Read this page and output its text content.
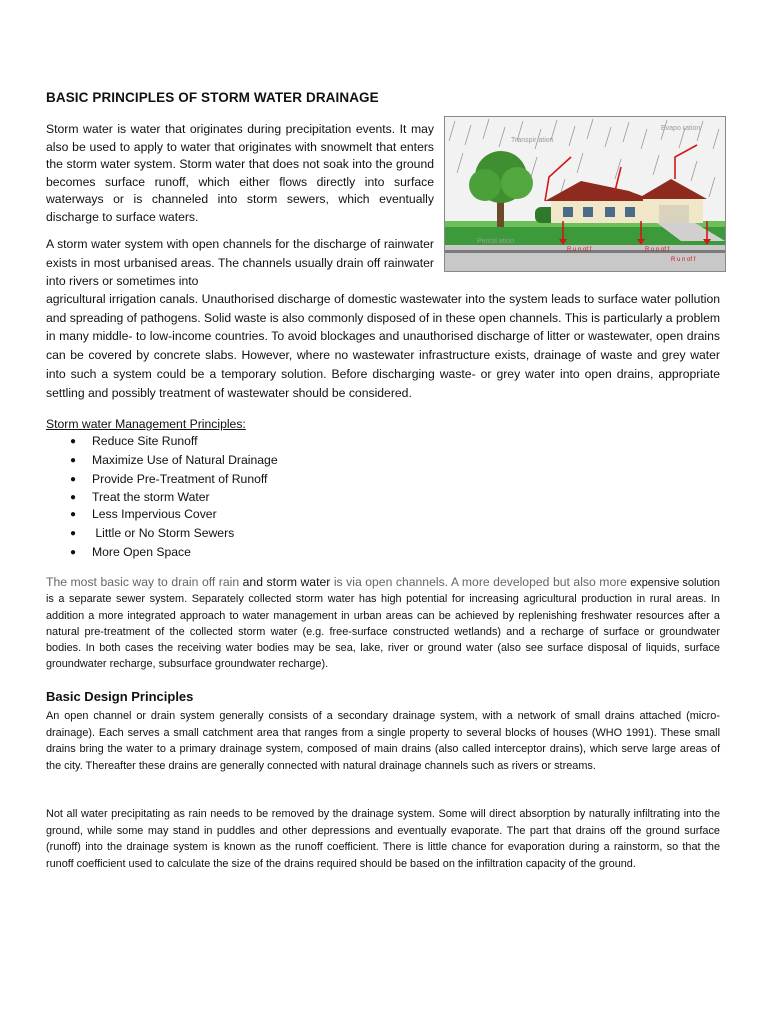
BASIC PRINCIPLES OF STORM WATER DRAINAGE

Storm water is water that originates during precipitation events. It may also be used to apply to water that originates with snowmelt that enters the storm water system. Storm water that does not soak into the ground becomes surface runoff, which either flows directly into surface waterways or is channeled into storm sewers, which eventually discharge to surface waters.

Transpir ation
Evapo ration
Percol ation
R u n of f	R u n of f
R u n of f

A storm water system with open channels for the discharge of rainwater exists in most urbanised areas. The channels usually drain off rainwater into rivers or sometimes into

agricultural irrigation canals. Unauthorised discharge of domestic wastewater into the system leads to surface water pollution and spreading of pathogens. Solid waste is also commonly disposed of in these open channels. This is particularly a problem in many middle- to low-income countries. To avoid blockages and unauthorised discharge of litter or wastewater, open drains can be covered by concrete slabs. However, where no wastewater infrastructure exists, drainage of waste and grey water into such a system could be a temporary solution. Before discharging waste- or grey water into open drains, appropriate settling and possibly treatment of wastewater should be considered.

Storm water Management Principles:

● Reduce Site Runoff
● Maximize Use of Natural Drainage
● Provide Pre-Treatment of Runoff
● Treat the storm Water
● Less Impervious Cover
● Little or No Storm Sewers
● More Open Space

The most basic way to drain off rain and storm water is via open channels. A more developed but also more expensive solution is a separate sewer system. Separately collected storm water has high potential for increasing agricultural production in rural areas. In addition a more integrated approach to water management in urban areas can be achieved by replenishing freshwater resources after a natural pre-treatment of the collected storm water (e.g. free-surface constructed wetlands) and a recharge of surface or groundwater bodies. In both cases the receiving water bodies may be sea, lake, river or ground water (also see surface disposal of liquids, surface groundwater recharge, subsurface groundwater recharge).

Basic Design Principles

An open channel or drain system generally consists of a secondary drainage system, with a network of small drains attached (micro-drainage). Each serves a small catchment area that ranges from a single property to several blocks of houses (WHO 1991). These small drains bring the water to a primary drainage system, composed of main drains (also called interceptor drains), which serve large areas of the city. Thereafter these drains are generally connected with natural drainage channels such as rivers or streams.

Not all water precipitating as rain needs to be removed by the drainage system. Some will direct absorption by naturally infiltrating into the ground, while some may stand in puddles and other depressions and eventually evaporate. The part that drains off the ground surface (runoff) into the drainage system is known as the runoff coefficient. There is little chance for evaporation during a rainstorm, so that the runoff coefficient used to calculate the size of the drains required should be based on the infiltration capacity of the ground.
